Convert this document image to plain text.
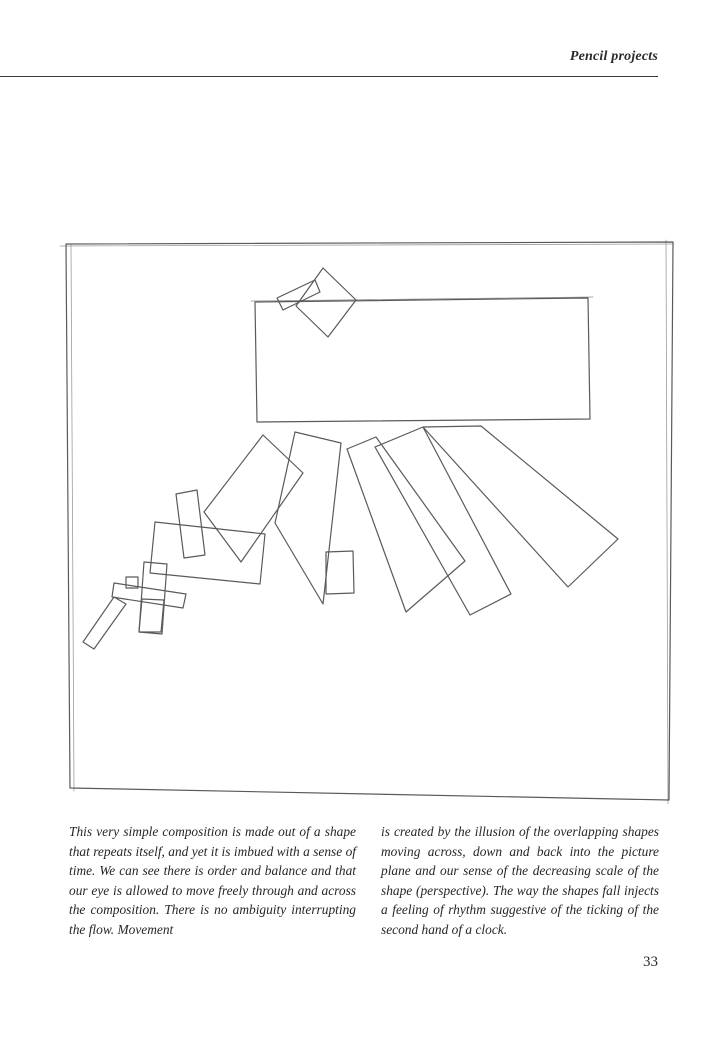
Pencil projects
This very simple composition is made out of a shape that repeats itself, and yet it is imbued with a sense of time. We can see there is order and balance and that our eye is allowed to move freely through and across the composition. There is no ambiguity interrupting the flow. Movement
is created by the illusion of the overlapping shapes moving across, down and back into the picture plane and our sense of the decreasing scale of the shape (perspective). The way the shapes fall injects a feeling of rhythm suggestive of the ticking of the second hand of a clock.
33
